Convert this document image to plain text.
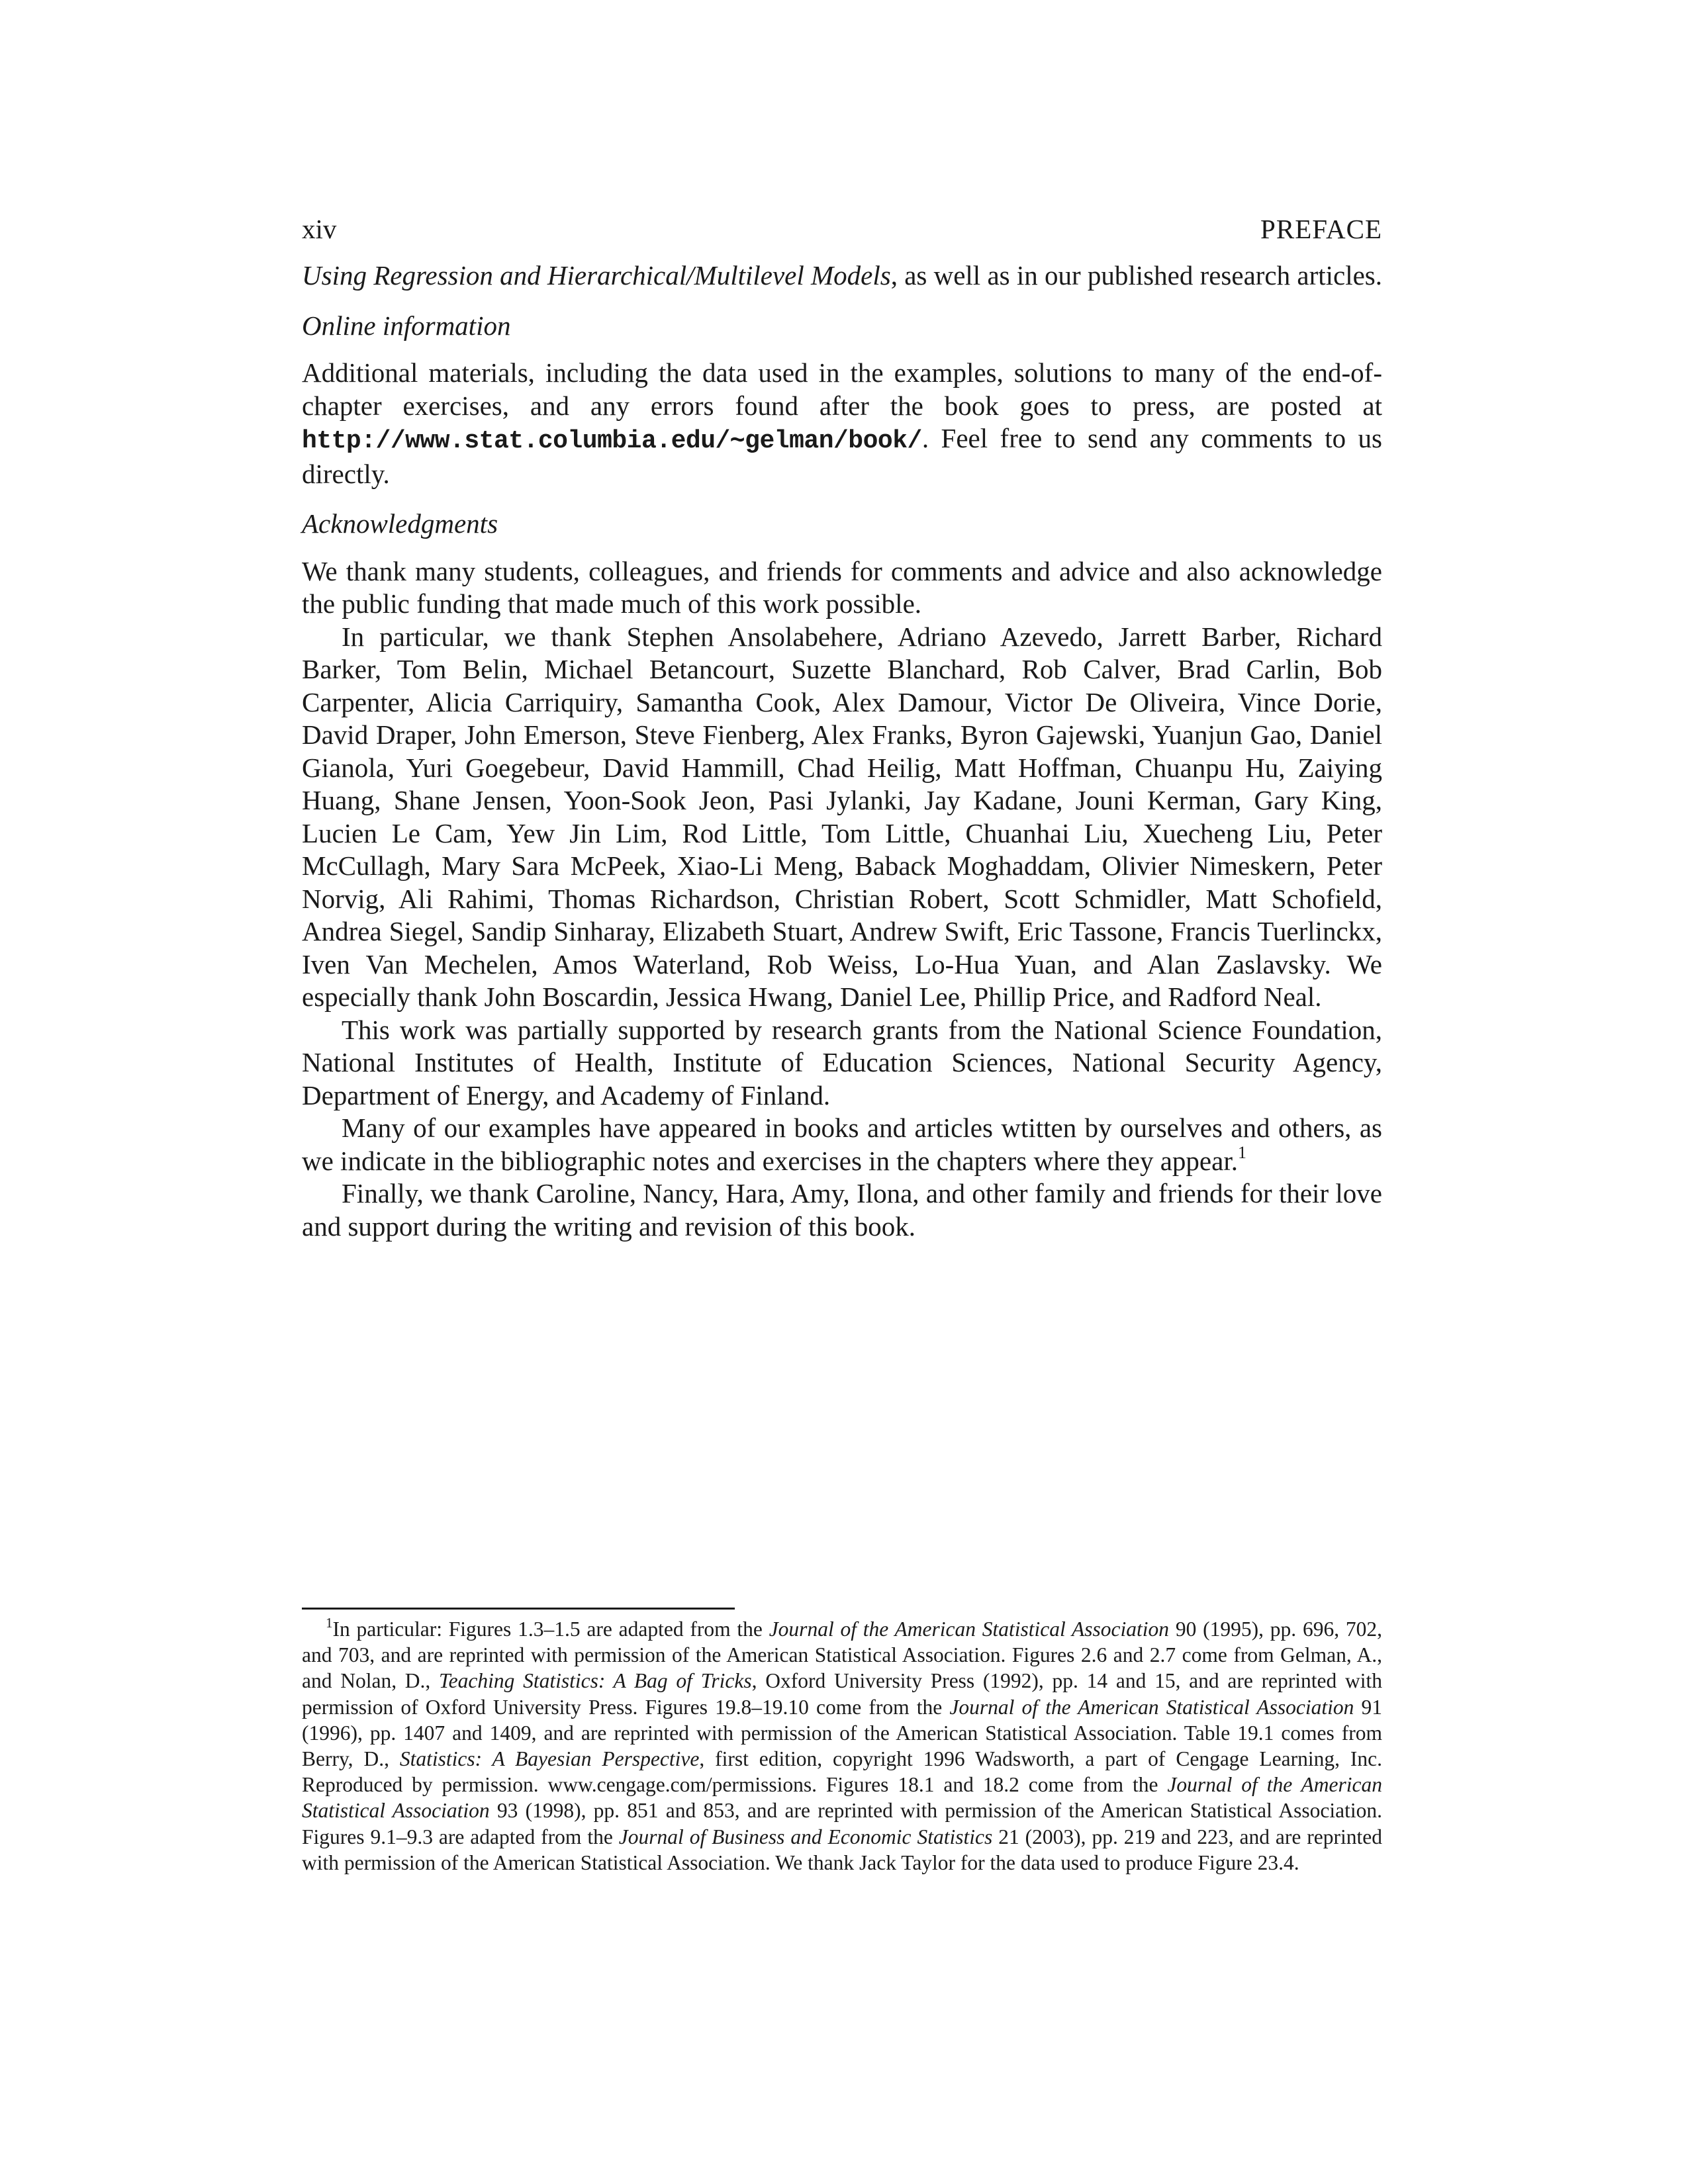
xiv	PREFACE

Using Regression and Hierarchical/Multilevel Models, as well as in our published research articles.

Online information

Additional materials, including the data used in the examples, solutions to many of the end-of-chapter exercises, and any errors found after the book goes to press, are posted at http://www.stat.columbia.edu/∼gelman/book/. Feel free to send any comments to us directly.

Acknowledgments

We thank many students, colleagues, and friends for comments and advice and also acknowledge the public funding that made much of this work possible.

In particular, we thank Stephen Ansolabehere, Adriano Azevedo, Jarrett Barber, Richard Barker, Tom Belin, Michael Betancourt, Suzette Blanchard, Rob Calver, Brad Carlin, Bob Carpenter, Alicia Carriquiry, Samantha Cook, Alex Damour, Victor De Oliveira, Vince Dorie, David Draper, John Emerson, Steve Fienberg, Alex Franks, Byron Gajewski, Yuanjun Gao, Daniel Gianola, Yuri Goegebeur, David Hammill, Chad Heilig, Matt Hoffman, Chuanpu Hu, Zaiying Huang, Shane Jensen, Yoon-Sook Jeon, Pasi Jylanki, Jay Kadane, Jouni Kerman, Gary King, Lucien Le Cam, Yew Jin Lim, Rod Little, Tom Little, Chuanhai Liu, Xuecheng Liu, Peter McCullagh, Mary Sara McPeek, Xiao-Li Meng, Baback Moghaddam, Olivier Nimeskern, Peter Norvig, Ali Rahimi, Thomas Richardson, Christian Robert, Scott Schmidler, Matt Schofield, Andrea Siegel, Sandip Sinharay, Elizabeth Stuart, Andrew Swift, Eric Tassone, Francis Tuerlinckx, Iven Van Mechelen, Amos Waterland, Rob Weiss, Lo-Hua Yuan, and Alan Zaslavsky. We especially thank John Boscardin, Jessica Hwang, Daniel Lee, Phillip Price, and Radford Neal.

This work was partially supported by research grants from the National Science Foundation, National Institutes of Health, Institute of Education Sciences, National Security Agency, Department of Energy, and Academy of Finland.

Many of our examples have appeared in books and articles wtitten by ourselves and others, as we indicate in the bibliographic notes and exercises in the chapters where they appear.$^1$

Finally, we thank Caroline, Nancy, Hara, Amy, Ilona, and other family and friends for their love and support during the writing and revision of this book.

$^1$In particular: Figures 1.3–1.5 are adapted from the Journal of the American Statistical Association 90 (1995), pp. 696, 702, and 703, and are reprinted with permission of the American Statistical Association. Figures 2.6 and 2.7 come from Gelman, A., and Nolan, D., Teaching Statistics: A Bag of Tricks, Oxford University Press (1992), pp. 14 and 15, and are reprinted with permission of Oxford University Press. Figures 19.8–19.10 come from the Journal of the American Statistical Association 91 (1996), pp. 1407 and 1409, and are reprinted with permission of the American Statistical Association. Table 19.1 comes from Berry, D., Statistics: A Bayesian Perspective, first edition, copyright 1996 Wadsworth, a part of Cengage Learning, Inc. Reproduced by permission. www.cengage.com/permissions. Figures 18.1 and 18.2 come from the Journal of the American Statistical Association 93 (1998), pp. 851 and 853, and are reprinted with permission of the American Statistical Association. Figures 9.1–9.3 are adapted from the Journal of Business and Economic Statistics 21 (2003), pp. 219 and 223, and are reprinted with permission of the American Statistical Association. We thank Jack Taylor for the data used to produce Figure 23.4.
